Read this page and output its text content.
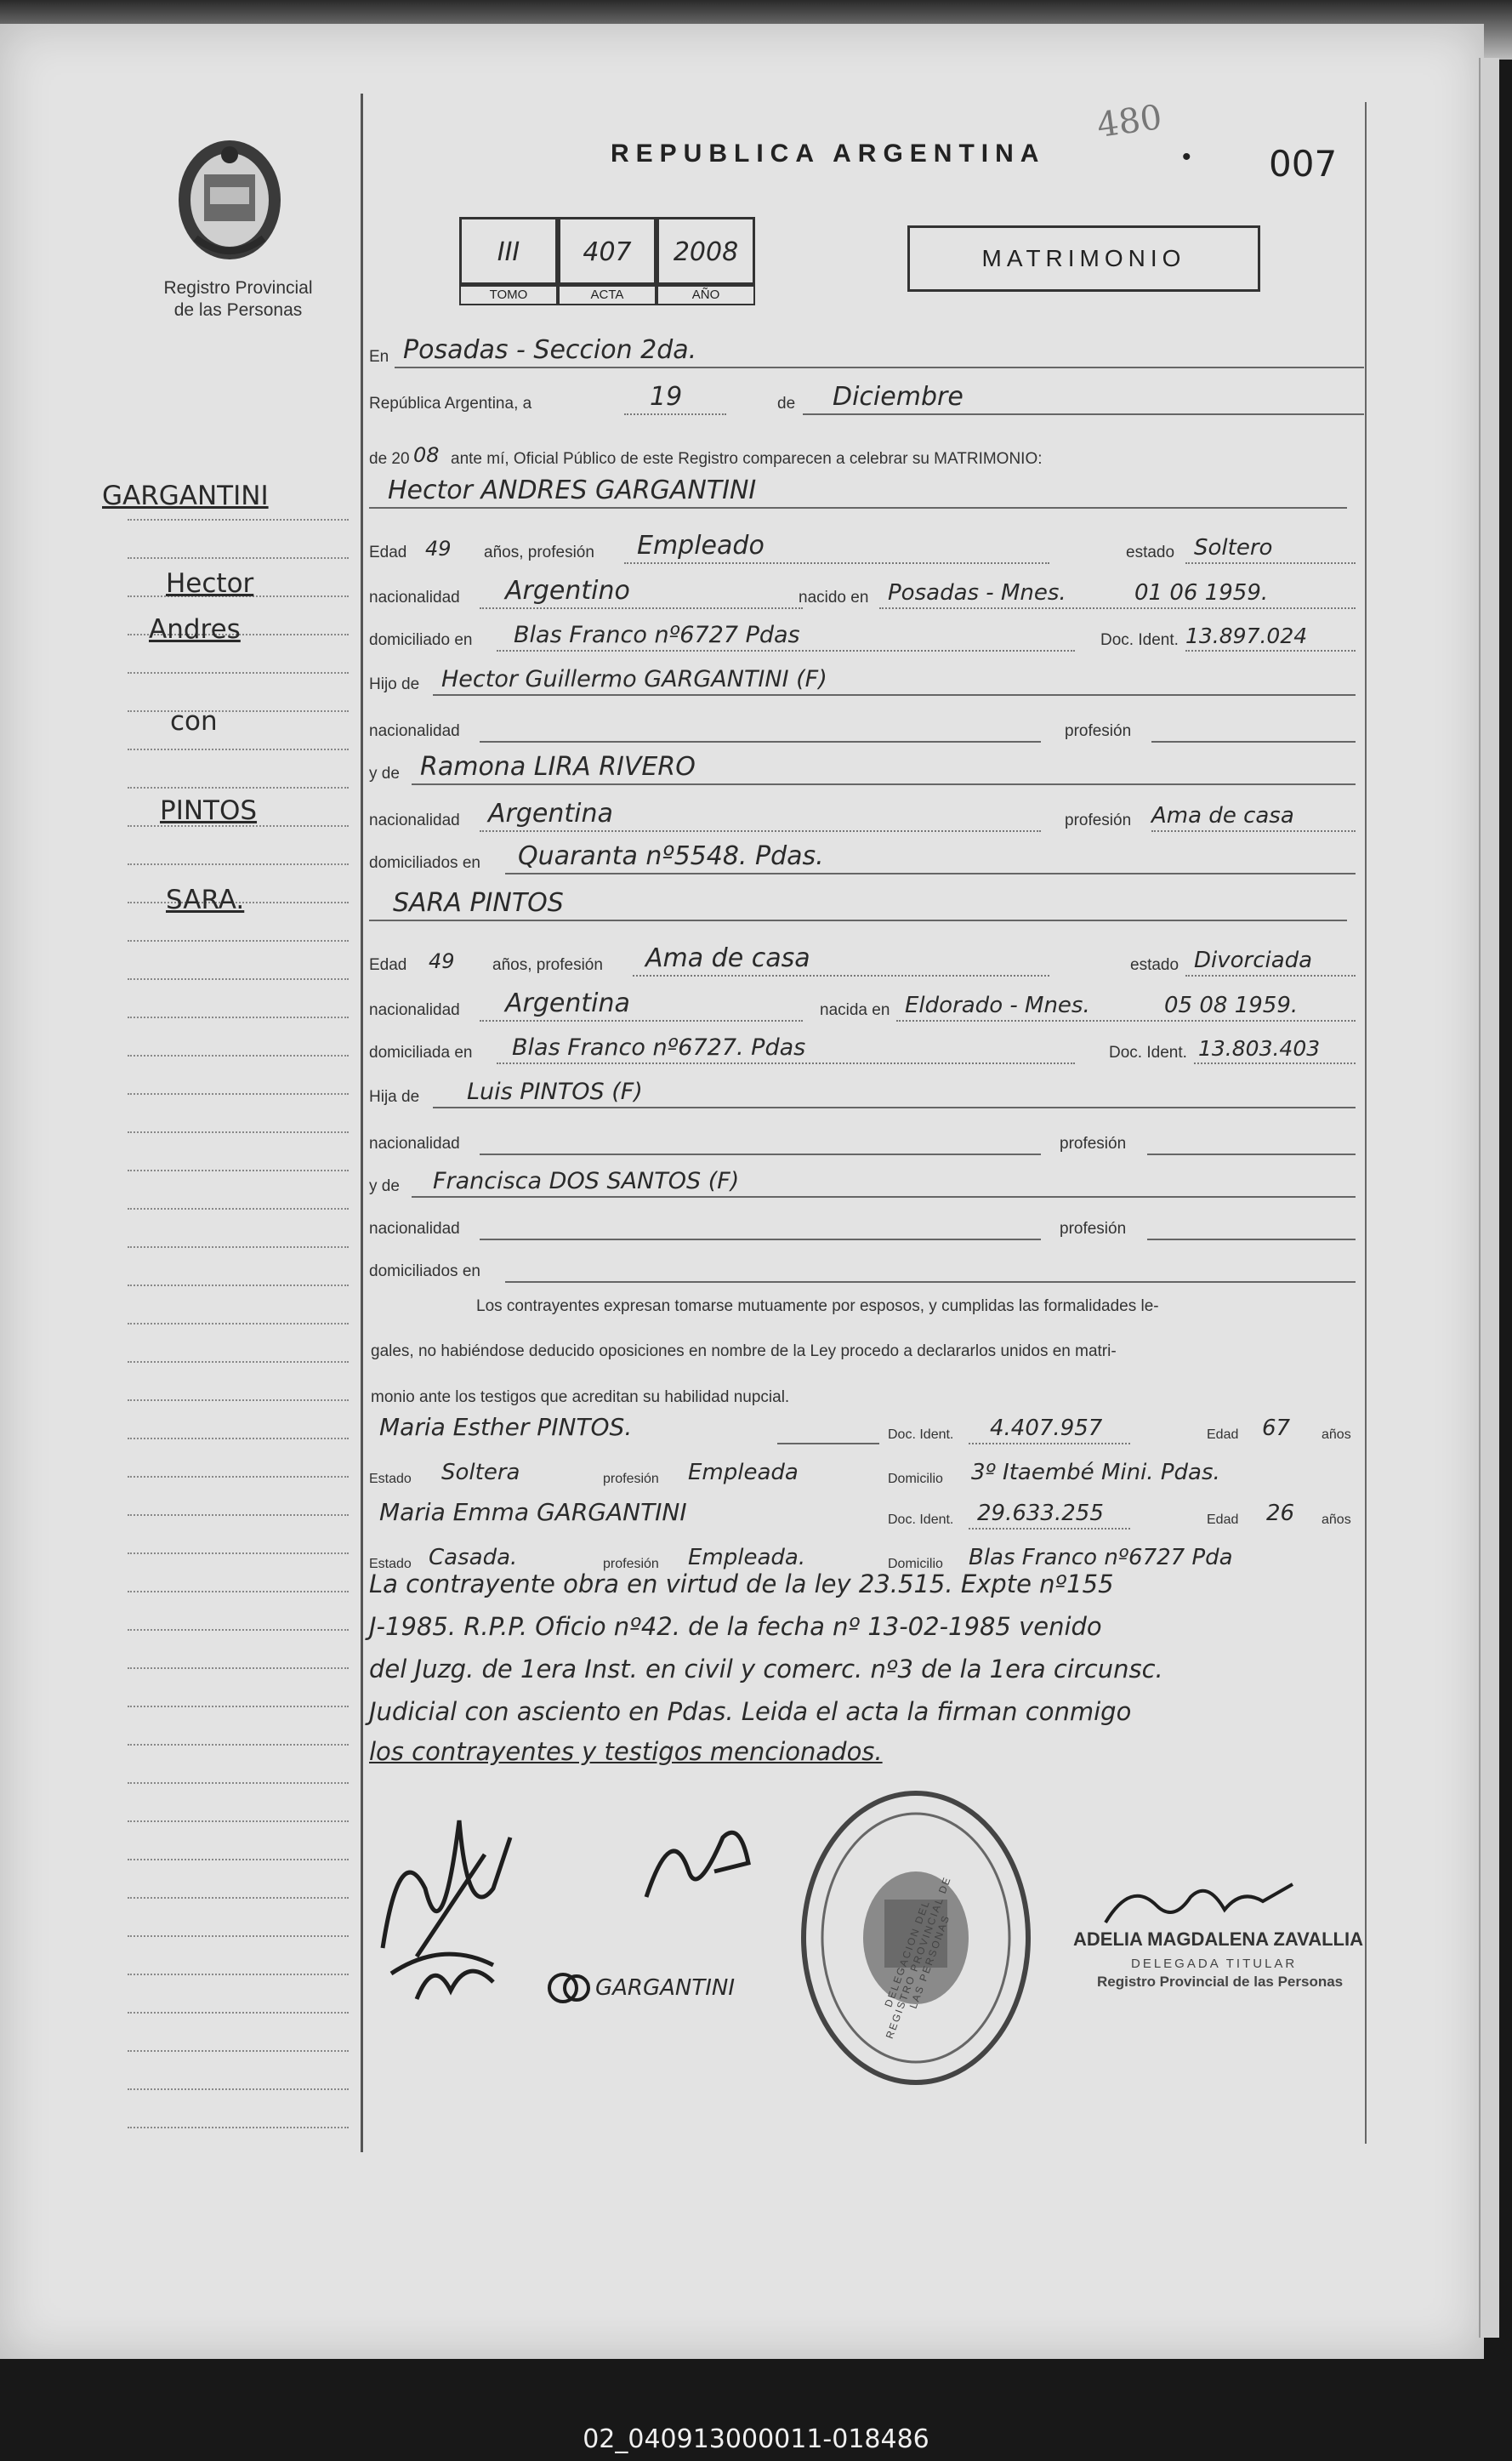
Registro Provincial
de las Personas
480
REPUBLICA ARGENTINA	• 007
III	407	2008
TOMO	ACTA	AÑO
MATRIMONIO
GARGANTINI
Hector
Andres
con
PINTOS
SARA.
En Posadas - Seccion 2da.
República Argentina, a	19	de Diciembre
de 20 08 ante mí, Oficial Público de este Registro comparecen a celebrar su MATRIMONIO:
Hector ANDRES GARGANTINI
Edad 49 años, profesión Empleado	estado Soltero
nacionalidad Argentino	nacido en Posadas - Mnes.	01 06 1959.
domiciliado en Blas Franco nº6727 Pdas	Doc. Ident. 13.897.024
Hijo de Hector Guillermo GARGANTINI (F)
nacionalidad	profesión
y de Ramona LIRA RIVERO
nacionalidad Argentina	profesión Ama de casa
domiciliados en Quaranta nº5548. Pdas.
SARA PINTOS
Edad 49 años, profesión Ama de casa	estado Divorciada
nacionalidad Argentina	nacida en Eldorado - Mnes.	05 08 1959.
domiciliada en Blas Franco nº6727. Pdas	Doc. Ident. 13.803.403
Hija de Luis PINTOS (F)
nacionalidad	profesión
y de Francisca DOS SANTOS (F)
nacionalidad	profesión
domiciliados en
Los contrayentes expresan tomarse mutuamente por esposos, y cumplidas las formalidades le-
gales, no habiéndose deducido oposiciones en nombre de la Ley procedo a declararlos unidos en matri-
monio ante los testigos que acreditan su habilidad nupcial.
Maria Esther PINTOS.	Doc. Ident. 4.407.957	Edad 67 años
Estado Soltera	profesión Empleada	Domicilio 3º Itaembé Mini. Pdas.
Maria Emma GARGANTINI	Doc. Ident. 29.633.255	Edad 26 años
Estado Casada.	profesión Empleada.	Domicilio Blas Franco nº6727 Pda
La contrayente obra en virtud de la ley 23.515. Expte nº155
J-1985. R.P.P. Oficio nº42. de la fecha nº 13-02-1985 venido
del Juzg. de 1era Inst. en civil y comerc. nº3 de la 1era circunsc.
Judicial con asciento en Pdas. Leida el acta la firman conmigo
los contrayentes y testigos mencionados.
GARGANTINI	DELEGACION DEL REGISTRO PROVINCIAL DE LAS PERSONAS	ADELIA MAGDALENA ZAVALLIA
DELEGADA TITULAR
Registro Provincial de las Personas
02_040913000011-018486
